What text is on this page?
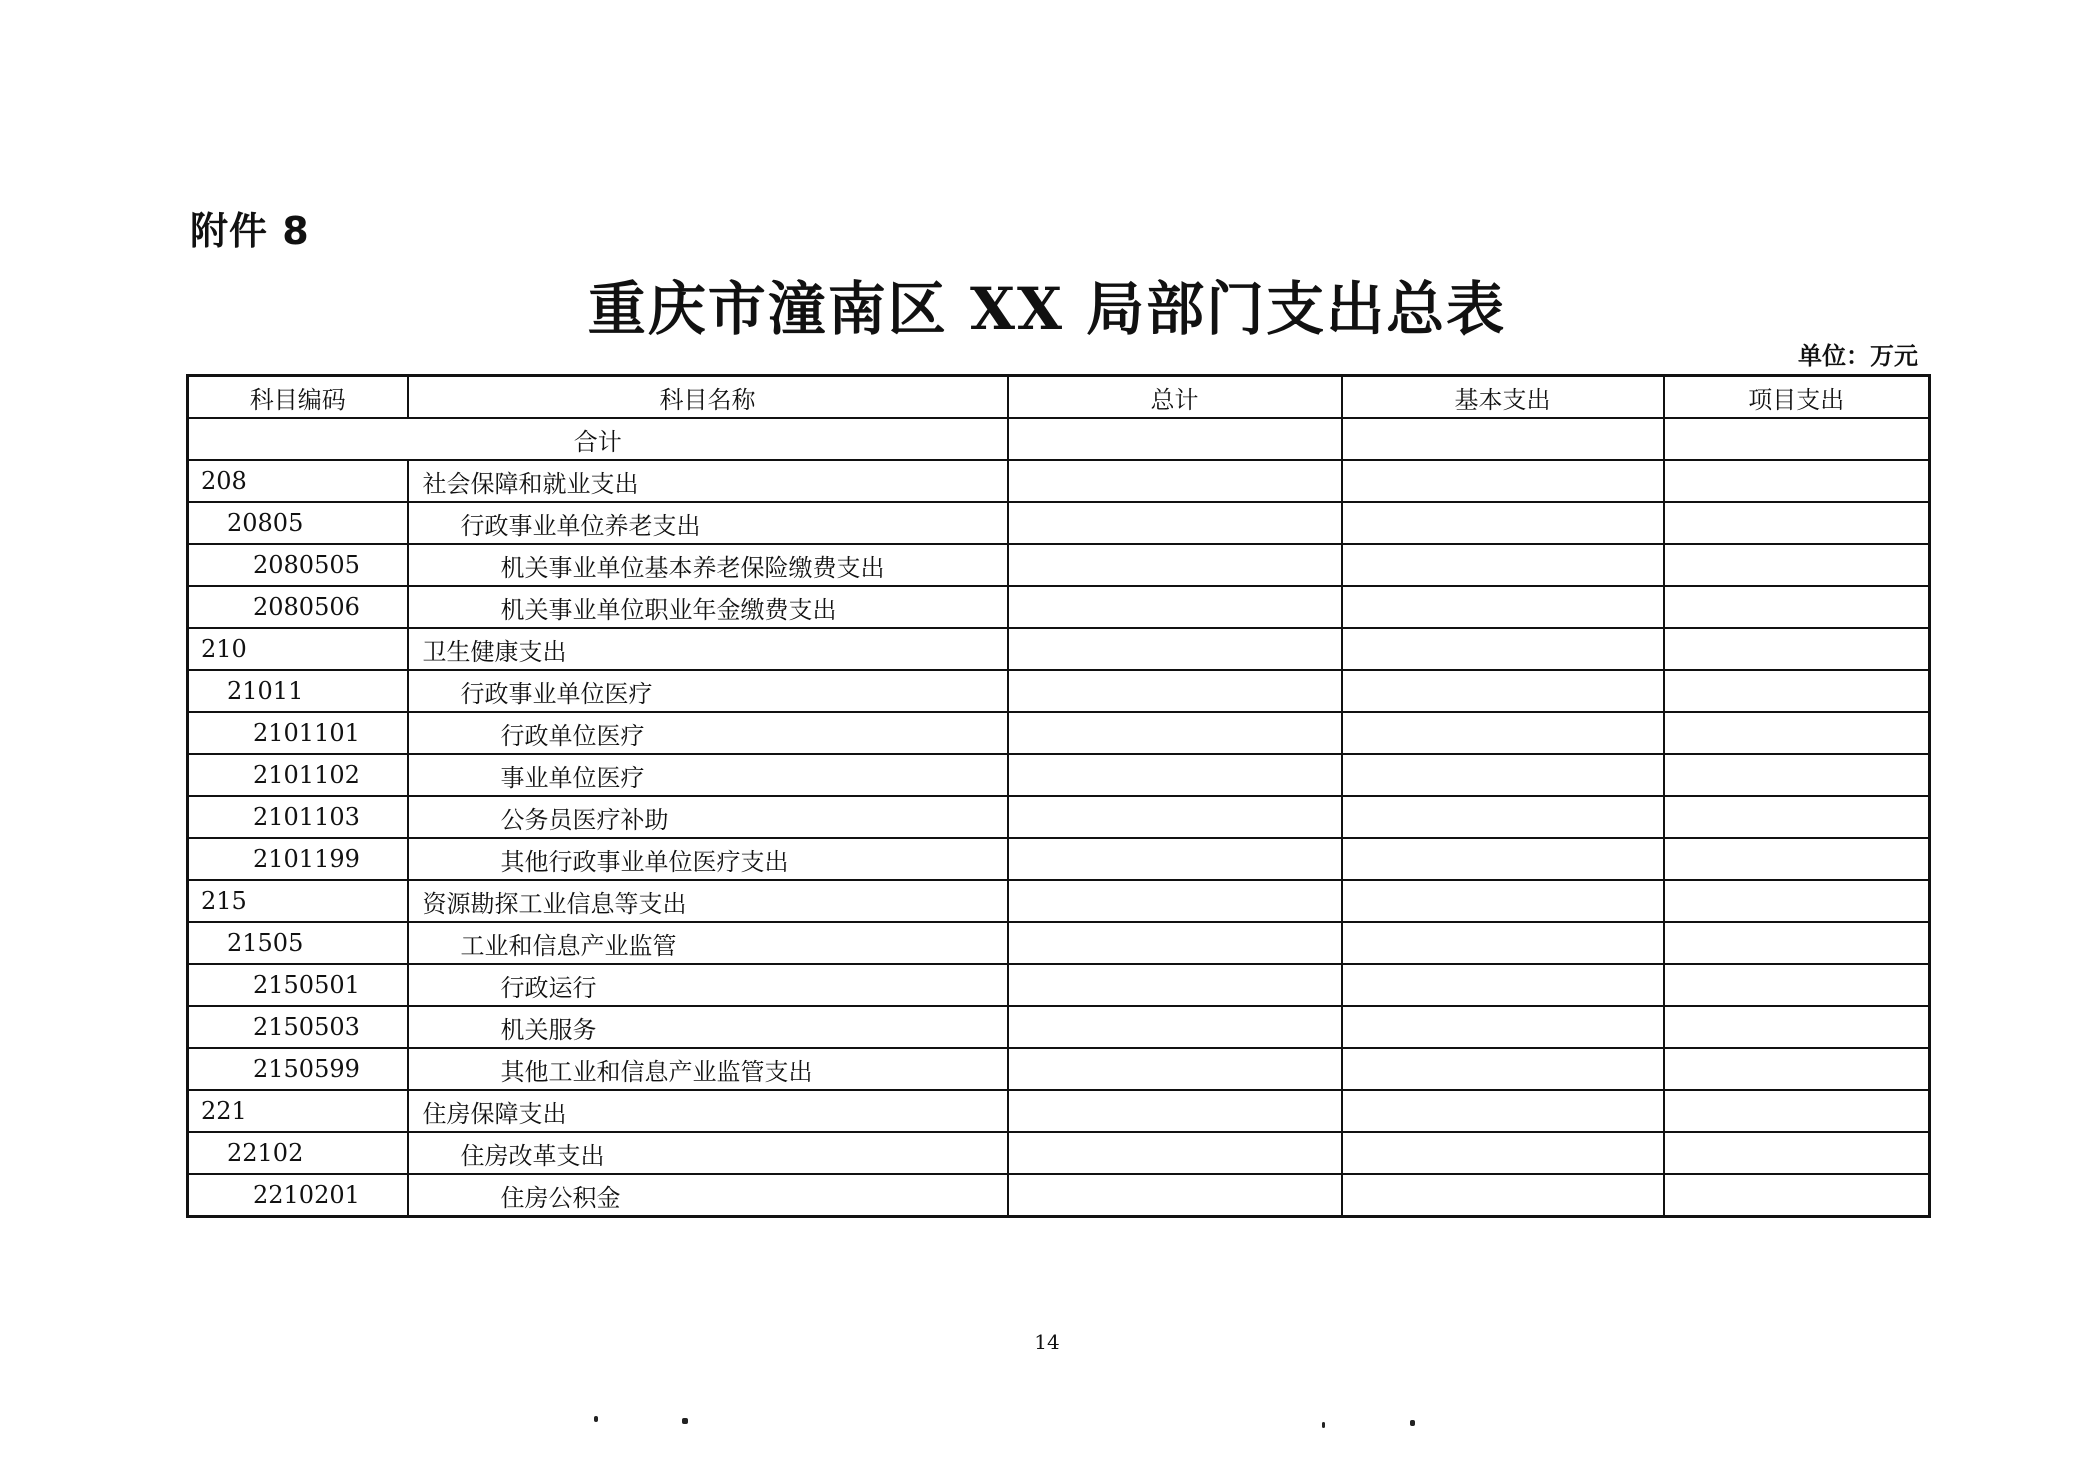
附件 8
重庆市潼南区 XX 局部门支出总表
单位：万元
科目编码	科目名称	总计	基本支出	项目支出
合计				
208	社会保障和就业支出			
20805	行政事业单位养老支出			
2080505	机关事业单位基本养老保险缴费支出			
2080506	机关事业单位职业年金缴费支出			
210	卫生健康支出			
21011	行政事业单位医疗			
2101101	行政单位医疗			
2101102	事业单位医疗			
2101103	公务员医疗补助			
2101199	其他行政事业单位医疗支出			
215	资源勘探工业信息等支出			
21505	工业和信息产业监管			
2150501	行政运行			
2150503	机关服务			
2150599	其他工业和信息产业监管支出			
221	住房保障支出			
22102	住房改革支出			
2210201	住房公积金			
14
